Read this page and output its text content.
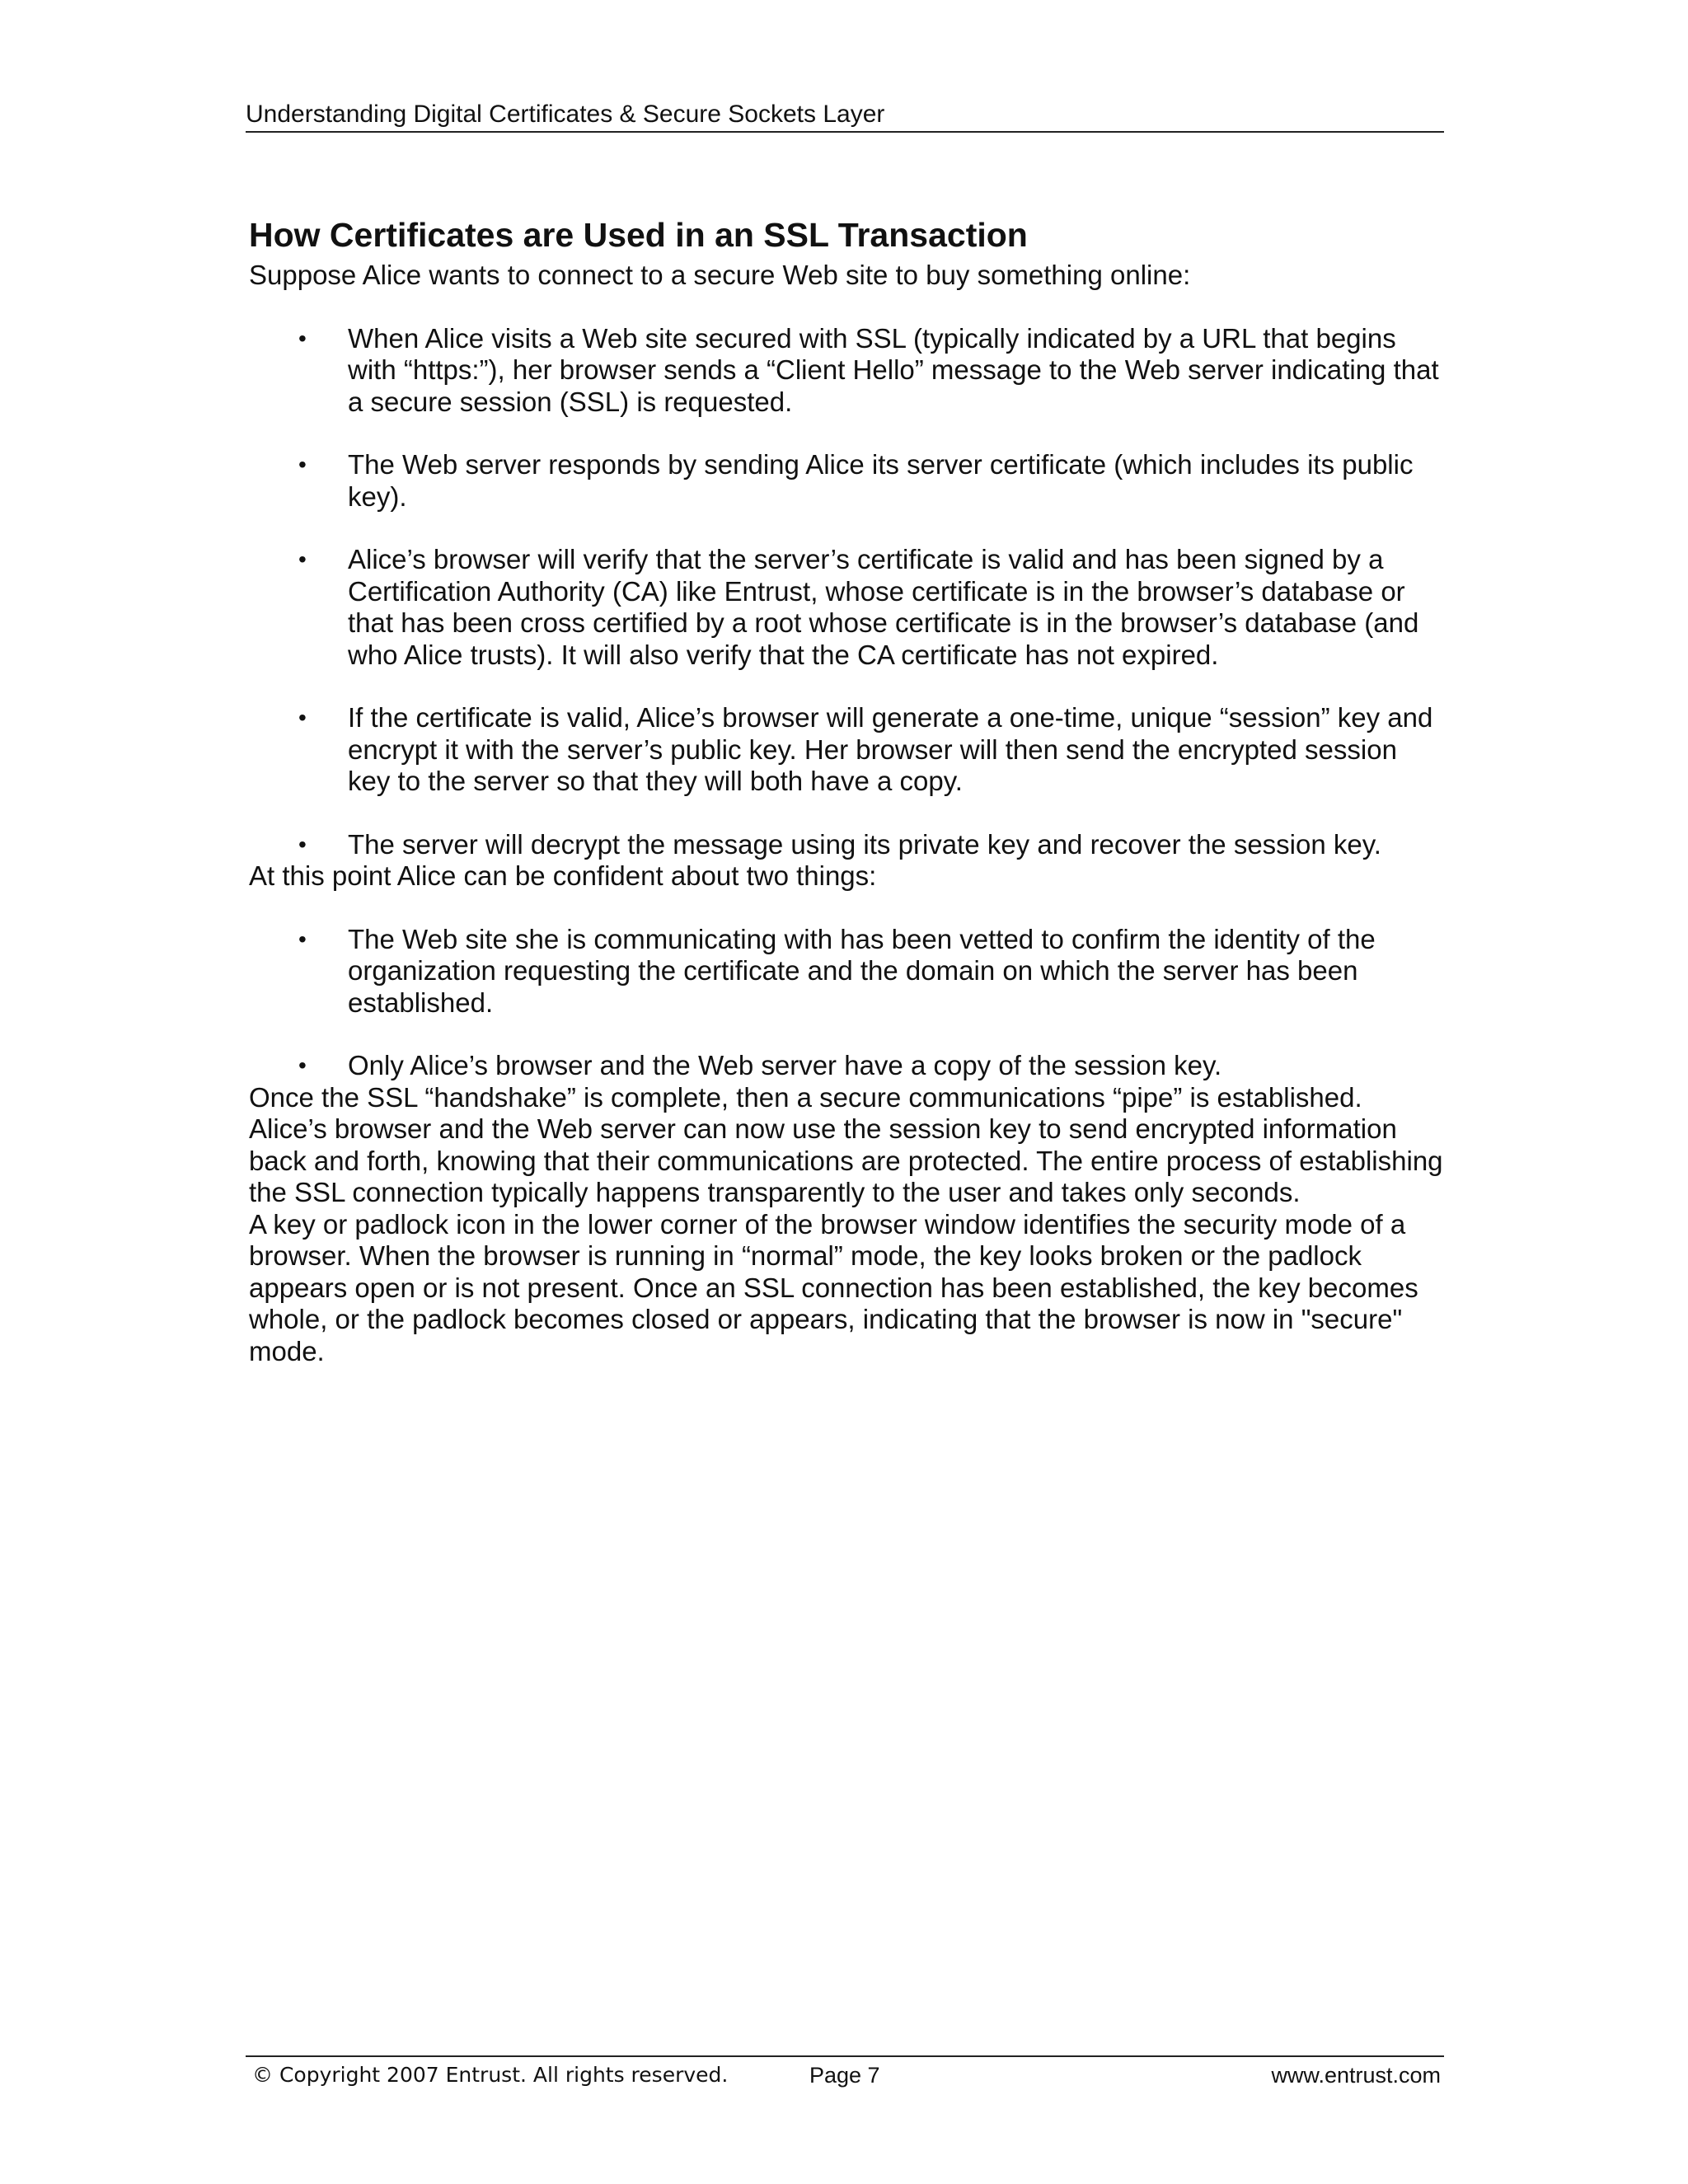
Understanding Digital Certificates & Secure Sockets Layer
How Certificates are Used in an SSL Transaction

Suppose Alice wants to connect to a secure Web site to buy something online:

• When Alice visits a Web site secured with SSL (typically indicated by a URL that begins with “https:”), her browser sends a “Client Hello” message to the Web server indicating that a secure session (SSL) is requested.
• The Web server responds by sending Alice its server certificate (which includes its public key).
• Alice’s browser will verify that the server’s certificate is valid and has been signed by a Certification Authority (CA) like Entrust, whose certificate is in the browser’s database or that has been cross certified by a root whose certificate is in the browser’s database (and who Alice trusts). It will also verify that the CA certificate has not expired.
• If the certificate is valid, Alice’s browser will generate a one-time, unique “session” key and encrypt it with the server’s public key. Her browser will then send the encrypted session key to the server so that they will both have a copy.
• The server will decrypt the message using its private key and recover the session key.

At this point Alice can be confident about two things:

• The Web site she is communicating with has been vetted to confirm the identity of the organization requesting the certificate and the domain on which the server has been established.
• Only Alice’s browser and the Web server have a copy of the session key.

Once the SSL “handshake” is complete, then a secure communications “pipe” is established. Alice’s browser and the Web server can now use the session key to send encrypted information back and forth, knowing that their communications are protected. The entire process of establishing the SSL connection typically happens transparently to the user and takes only seconds.

A key or padlock icon in the lower corner of the browser window identifies the security mode of a browser. When the browser is running in “normal” mode, the key looks broken or the padlock appears open or is not present. Once an SSL connection has been established, the key becomes whole, or the padlock becomes closed or appears, indicating that the browser is now in "secure" mode.

© Copyright 2007 Entrust. All rights reserved.	Page 7	www.entrust.com
